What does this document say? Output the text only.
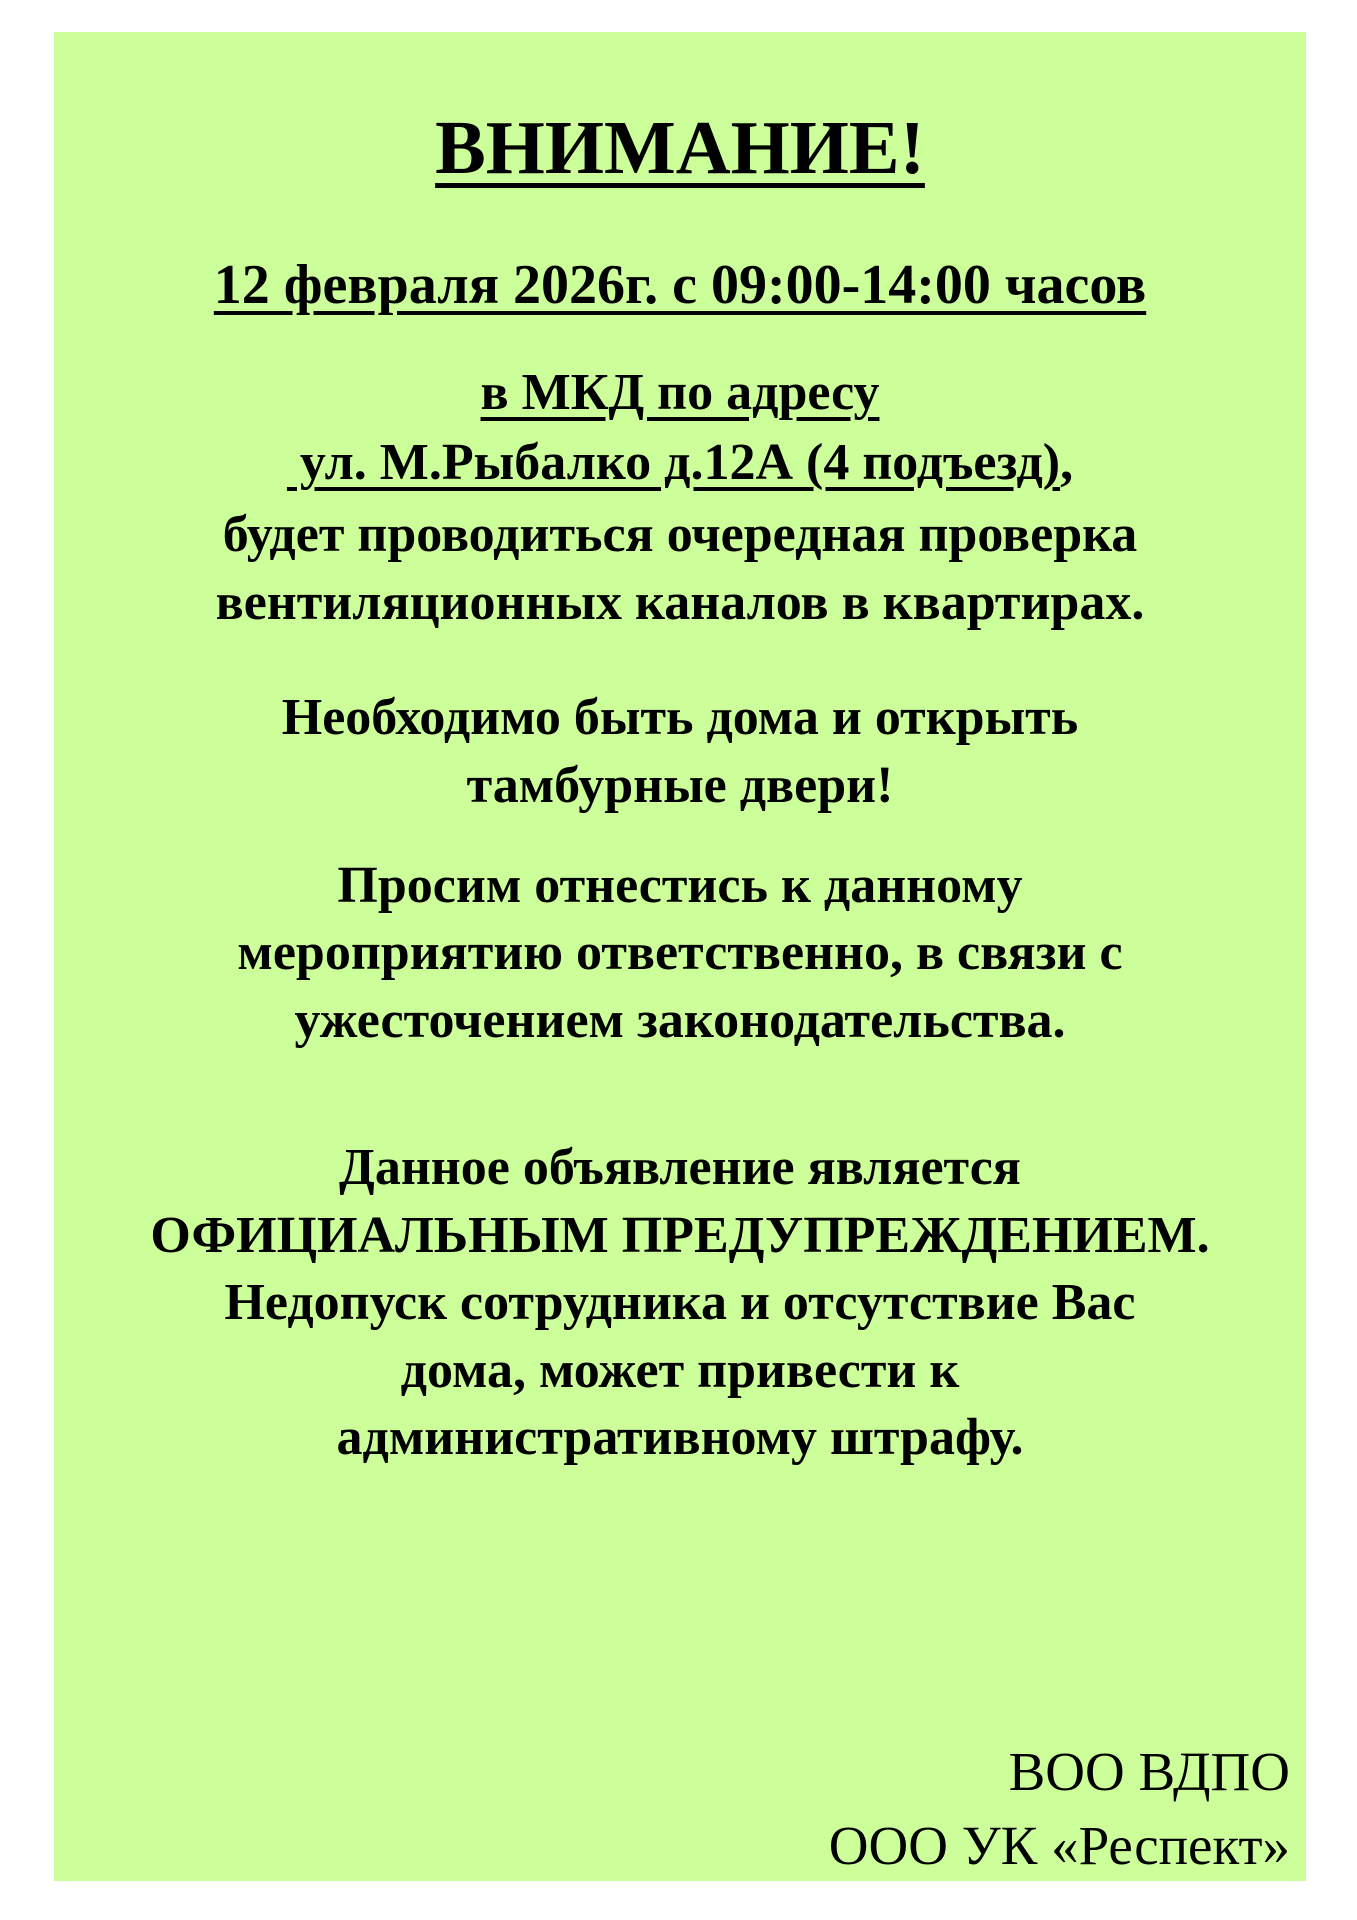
ВНИМАНИЕ!
12 февраля 2026г. с 09:00-14:00 часов
в МКД по адресу
ул. М.Рыбалко д.12А (4 подъезд),
будет проводиться очередная проверка
вентиляционных каналов в квартирах.
Необходимо быть дома и открыть
тамбурные двери!
Просим отнестись к данному
мероприятию ответственно, в связи с
ужесточением законодательства.
Данное объявление является
ОФИЦИАЛЬНЫМ ПРЕДУПРЕЖДЕНИЕМ.
Недопуск сотрудника и отсутствие Вас
дома, может привести к
административному штрафу.
ВОО ВДПО
ООО УК «Респект»
